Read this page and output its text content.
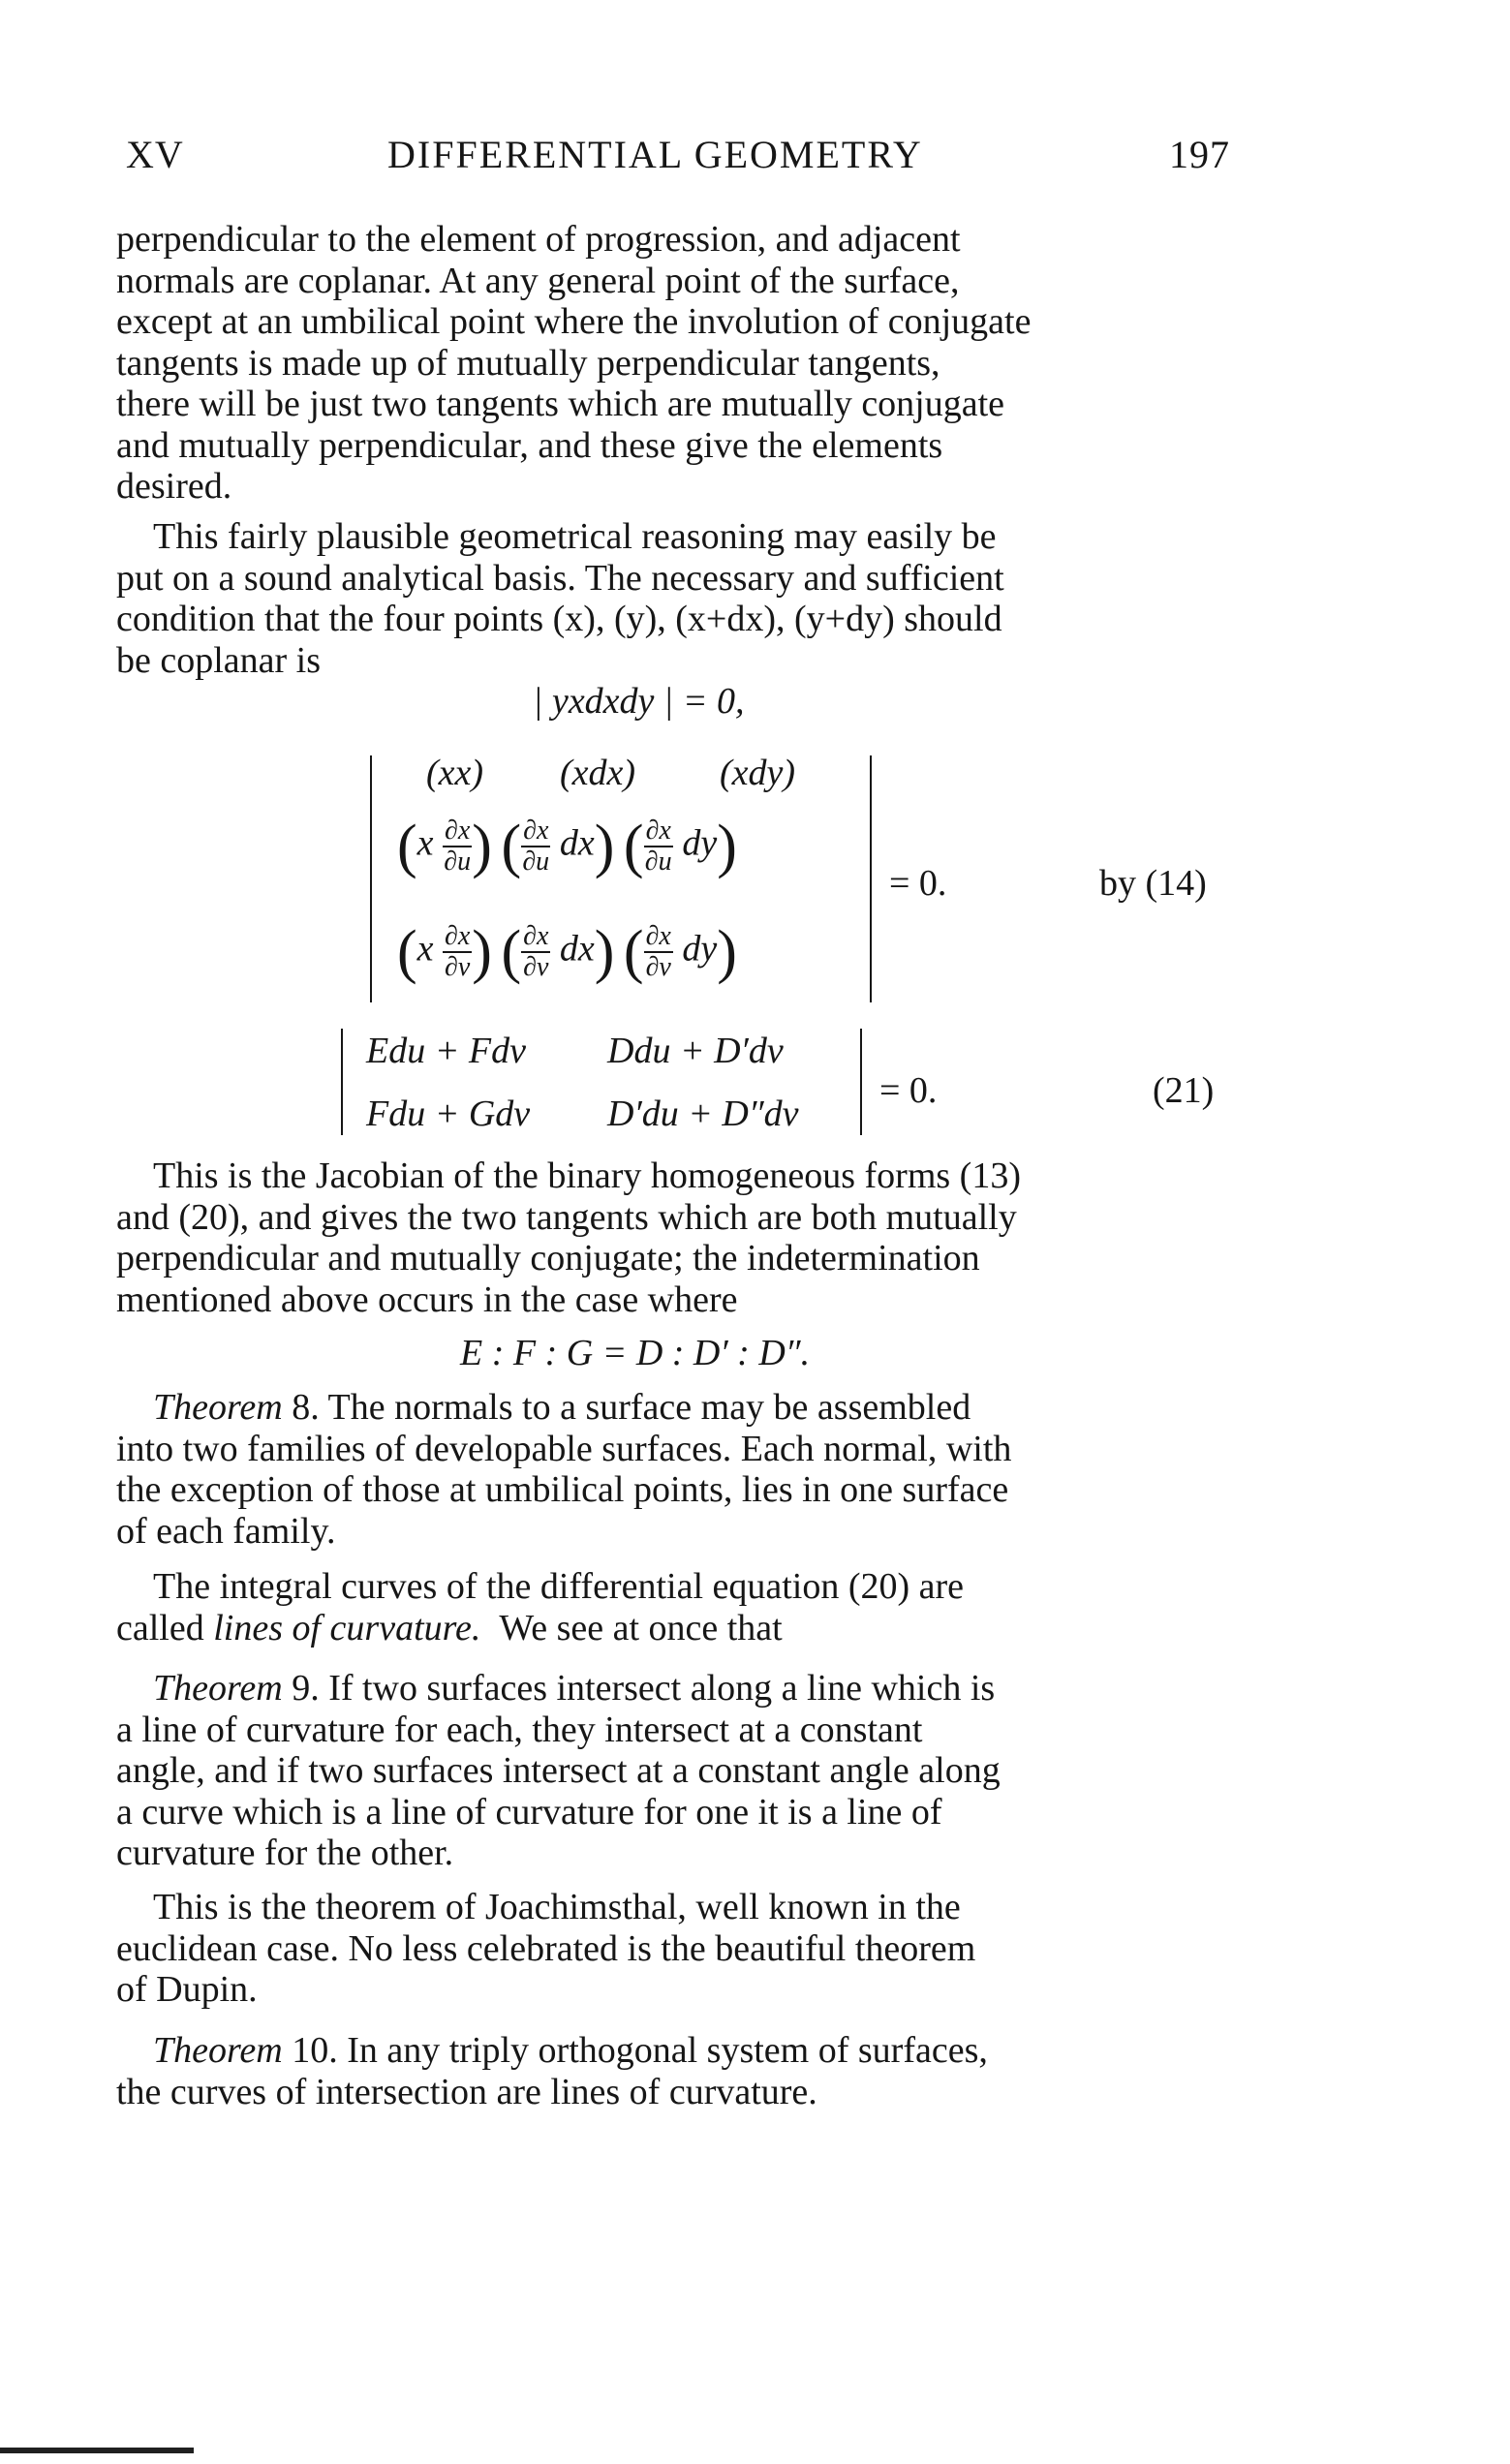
XV	DIFFERENTIAL GEOMETRY	197
perpendicular to the element of progression, and adjacent
normals are coplanar. At any general point of the surface,
except at an umbilical point where the involution of conjugate
tangents is made up of mutually perpendicular tangents,
there will be just two tangents which are mutually conjugate
and mutually perpendicular, and these give the elements
desired.
This fairly plausible geometrical reasoning may easily be
put on a sound analytical basis. The necessary and sufficient
condition that the four points (x), (y), (x+dx), (y+dy) should
be coplanar is
| yxdxdy | = 0,
(xx) (xdx) (xdy)
($x \frac{\partial x}{\partial u}$ ) ( $\frac{\partial x}{\partial u} dx$) ( $\frac{\partial x}{\partial u} dy$)
($x \frac{\partial x}{\partial v}$ ) ( $\frac{\partial x}{\partial v} dx$) ( $\frac{\partial x}{\partial v} dy$)
= 0.	by (14)
Edu + Fdv Ddu + D′dv
Fdu + Gdv D′du + D″dv
= 0.	(21)
This is the Jacobian of the binary homogeneous forms (13)
and (20), and gives the two tangents which are both mutually
perpendicular and mutually conjugate; the indetermination
mentioned above occurs in the case where
E : F : G = D : D′ : D″.
Theorem 8. The normals to a surface may be assembled
into two families of developable surfaces. Each normal, with
the exception of those at umbilical points, lies in one surface
of each family.
The integral curves of the differential equation (20) are
called lines of curvature. We see at once that
Theorem 9. If two surfaces intersect along a line which is
a line of curvature for each, they intersect at a constant
angle, and if two surfaces intersect at a constant angle along
a curve which is a line of curvature for one it is a line of
curvature for the other.
This is the theorem of Joachimsthal, well known in the
euclidean case. No less celebrated is the beautiful theorem
of Dupin.
Theorem 10. In any triply orthogonal system of surfaces,
the curves of intersection are lines of curvature.
